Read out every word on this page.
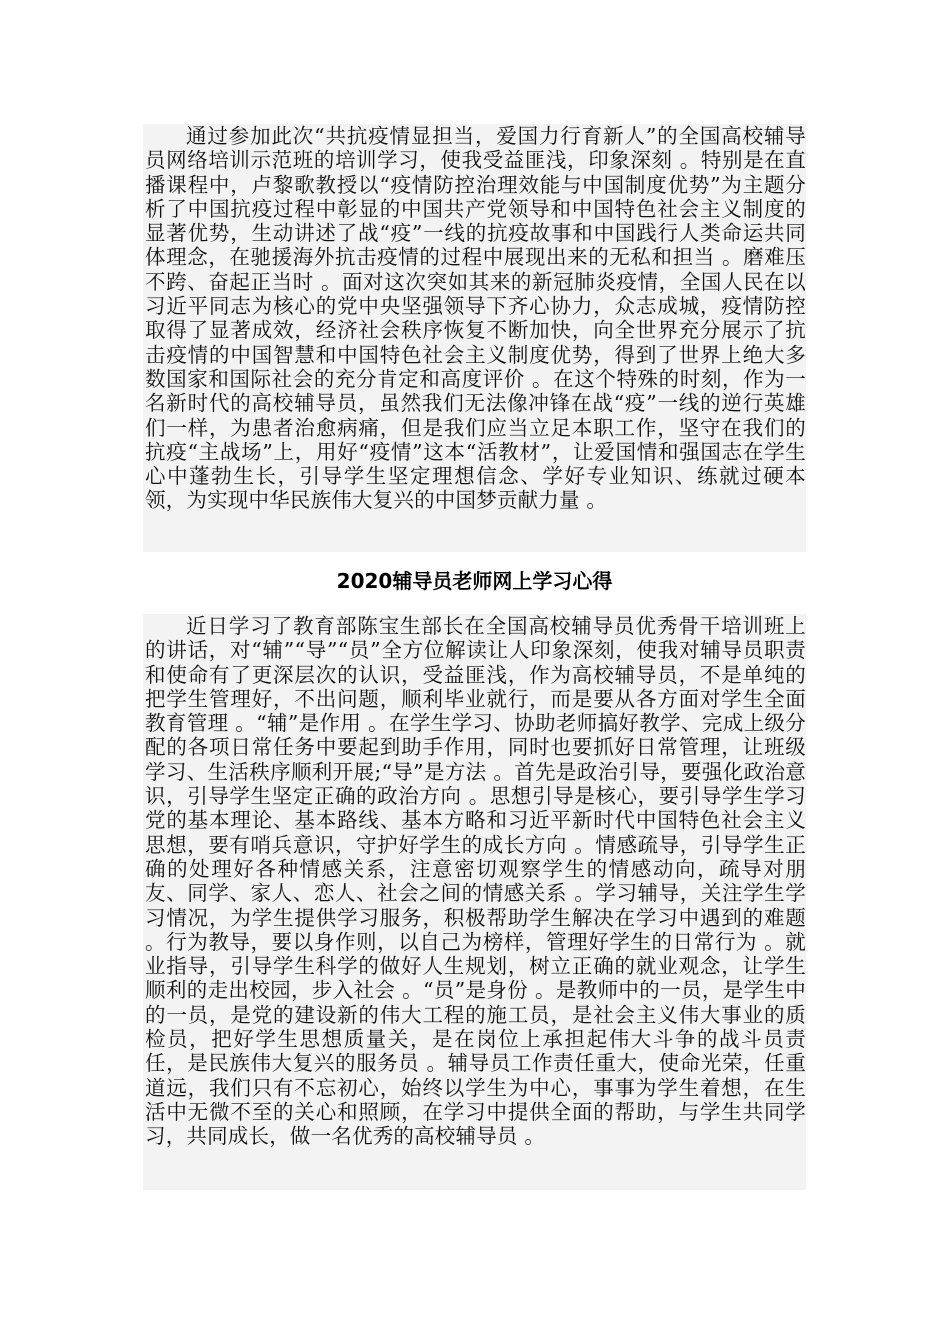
通过参加此次“共抗疫情显担当，爱国力行育新人”的全国高校辅导员网络培训示范班的培训学习，使我受益匪浅，印象深刻 。特别是在直播课程中，卢黎歌教授以“疫情防控治理效能与中国制度优势”为主题分析了中国抗疫过程中彰显的中国共产党领导和中国特色社会主义制度的显著优势，生动讲述了战“疫”一线的抗疫故事和中国践行人类命运共同体理念，在驰援海外抗击疫情的过程中展现出来的无私和担当 。磨难压不跨、奋起正当时 。面对这次突如其来的新冠肺炎疫情，全国人民在以习近平同志为核心的党中央坚强领导下齐心协力，众志成城，疫情防控取得了显著成效，经济社会秩序恢复不断加快，向全世界充分展示了抗击疫情的中国智慧和中国特色社会主义制度优势，得到了世界上绝大多数国家和国际社会的充分肯定和高度评价 。在这个特殊的时刻，作为一名新时代的高校辅导员，虽然我们无法像冲锋在战“疫”一线的逆行英雄们一样，为患者治愈病痛，但是我们应当立足本职工作，坚守在我们的抗疫“主战场”上，用好“疫情”这本“活教材”，让爱国情和强国志在学生心中蓬勃生长，引导学生坚定理想信念、学好专业知识、练就过硬本领，为实现中华民族伟大复兴的中国梦贡献力量 。

2020辅导员老师网上学习心得

近日学习了教育部陈宝生部长在全国高校辅导员优秀骨干培训班上的讲话，对“辅”“导”“员”全方位解读让人印象深刻，使我对辅导员职责和使命有了更深层次的认识，受益匪浅，作为高校辅导员，不是单纯的把学生管理好，不出问题，顺利毕业就行，而是要从各方面对学生全面教育管理 。“辅”是作用 。在学生学习、协助老师搞好教学、完成上级分配的各项日常任务中要起到助手作用，同时也要抓好日常管理，让班级学习、生活秩序顺利开展;“导”是方法 。首先是政治引导，要强化政治意识，引导学生坚定正确的政治方向 。思想引导是核心，要引导学生学习党的基本理论、基本路线、基本方略和习近平新时代中国特色社会主义思想，要有哨兵意识，守护好学生的成长方向 。情感疏导，引导学生正确的处理好各种情感关系，注意密切观察学生的情感动向，疏导对朋友、同学、家人、恋人、社会之间的情感关系 。学习辅导，关注学生学习情况，为学生提供学习服务，积极帮助学生解决在学习中遇到的难题 。行为教导，要以身作则，以自己为榜样，管理好学生的日常行为 。就业指导，引导学生科学的做好人生规划，树立正确的就业观念，让学生顺利的走出校园，步入社会 。“员”是身份 。是教师中的一员，是学生中的一员，是党的建设新的伟大工程的施工员，是社会主义伟大事业的质检员，把好学生思想质量关，是在岗位上承担起伟大斗争的战斗员责任，是民族伟大复兴的服务员 。辅导员工作责任重大，使命光荣，任重道远，我们只有不忘初心，始终以学生为中心，事事为学生着想，在生活中无微不至的关心和照顾，在学习中提供全面的帮助，与学生共同学习，共同成长，做一名优秀的高校辅导员 。
